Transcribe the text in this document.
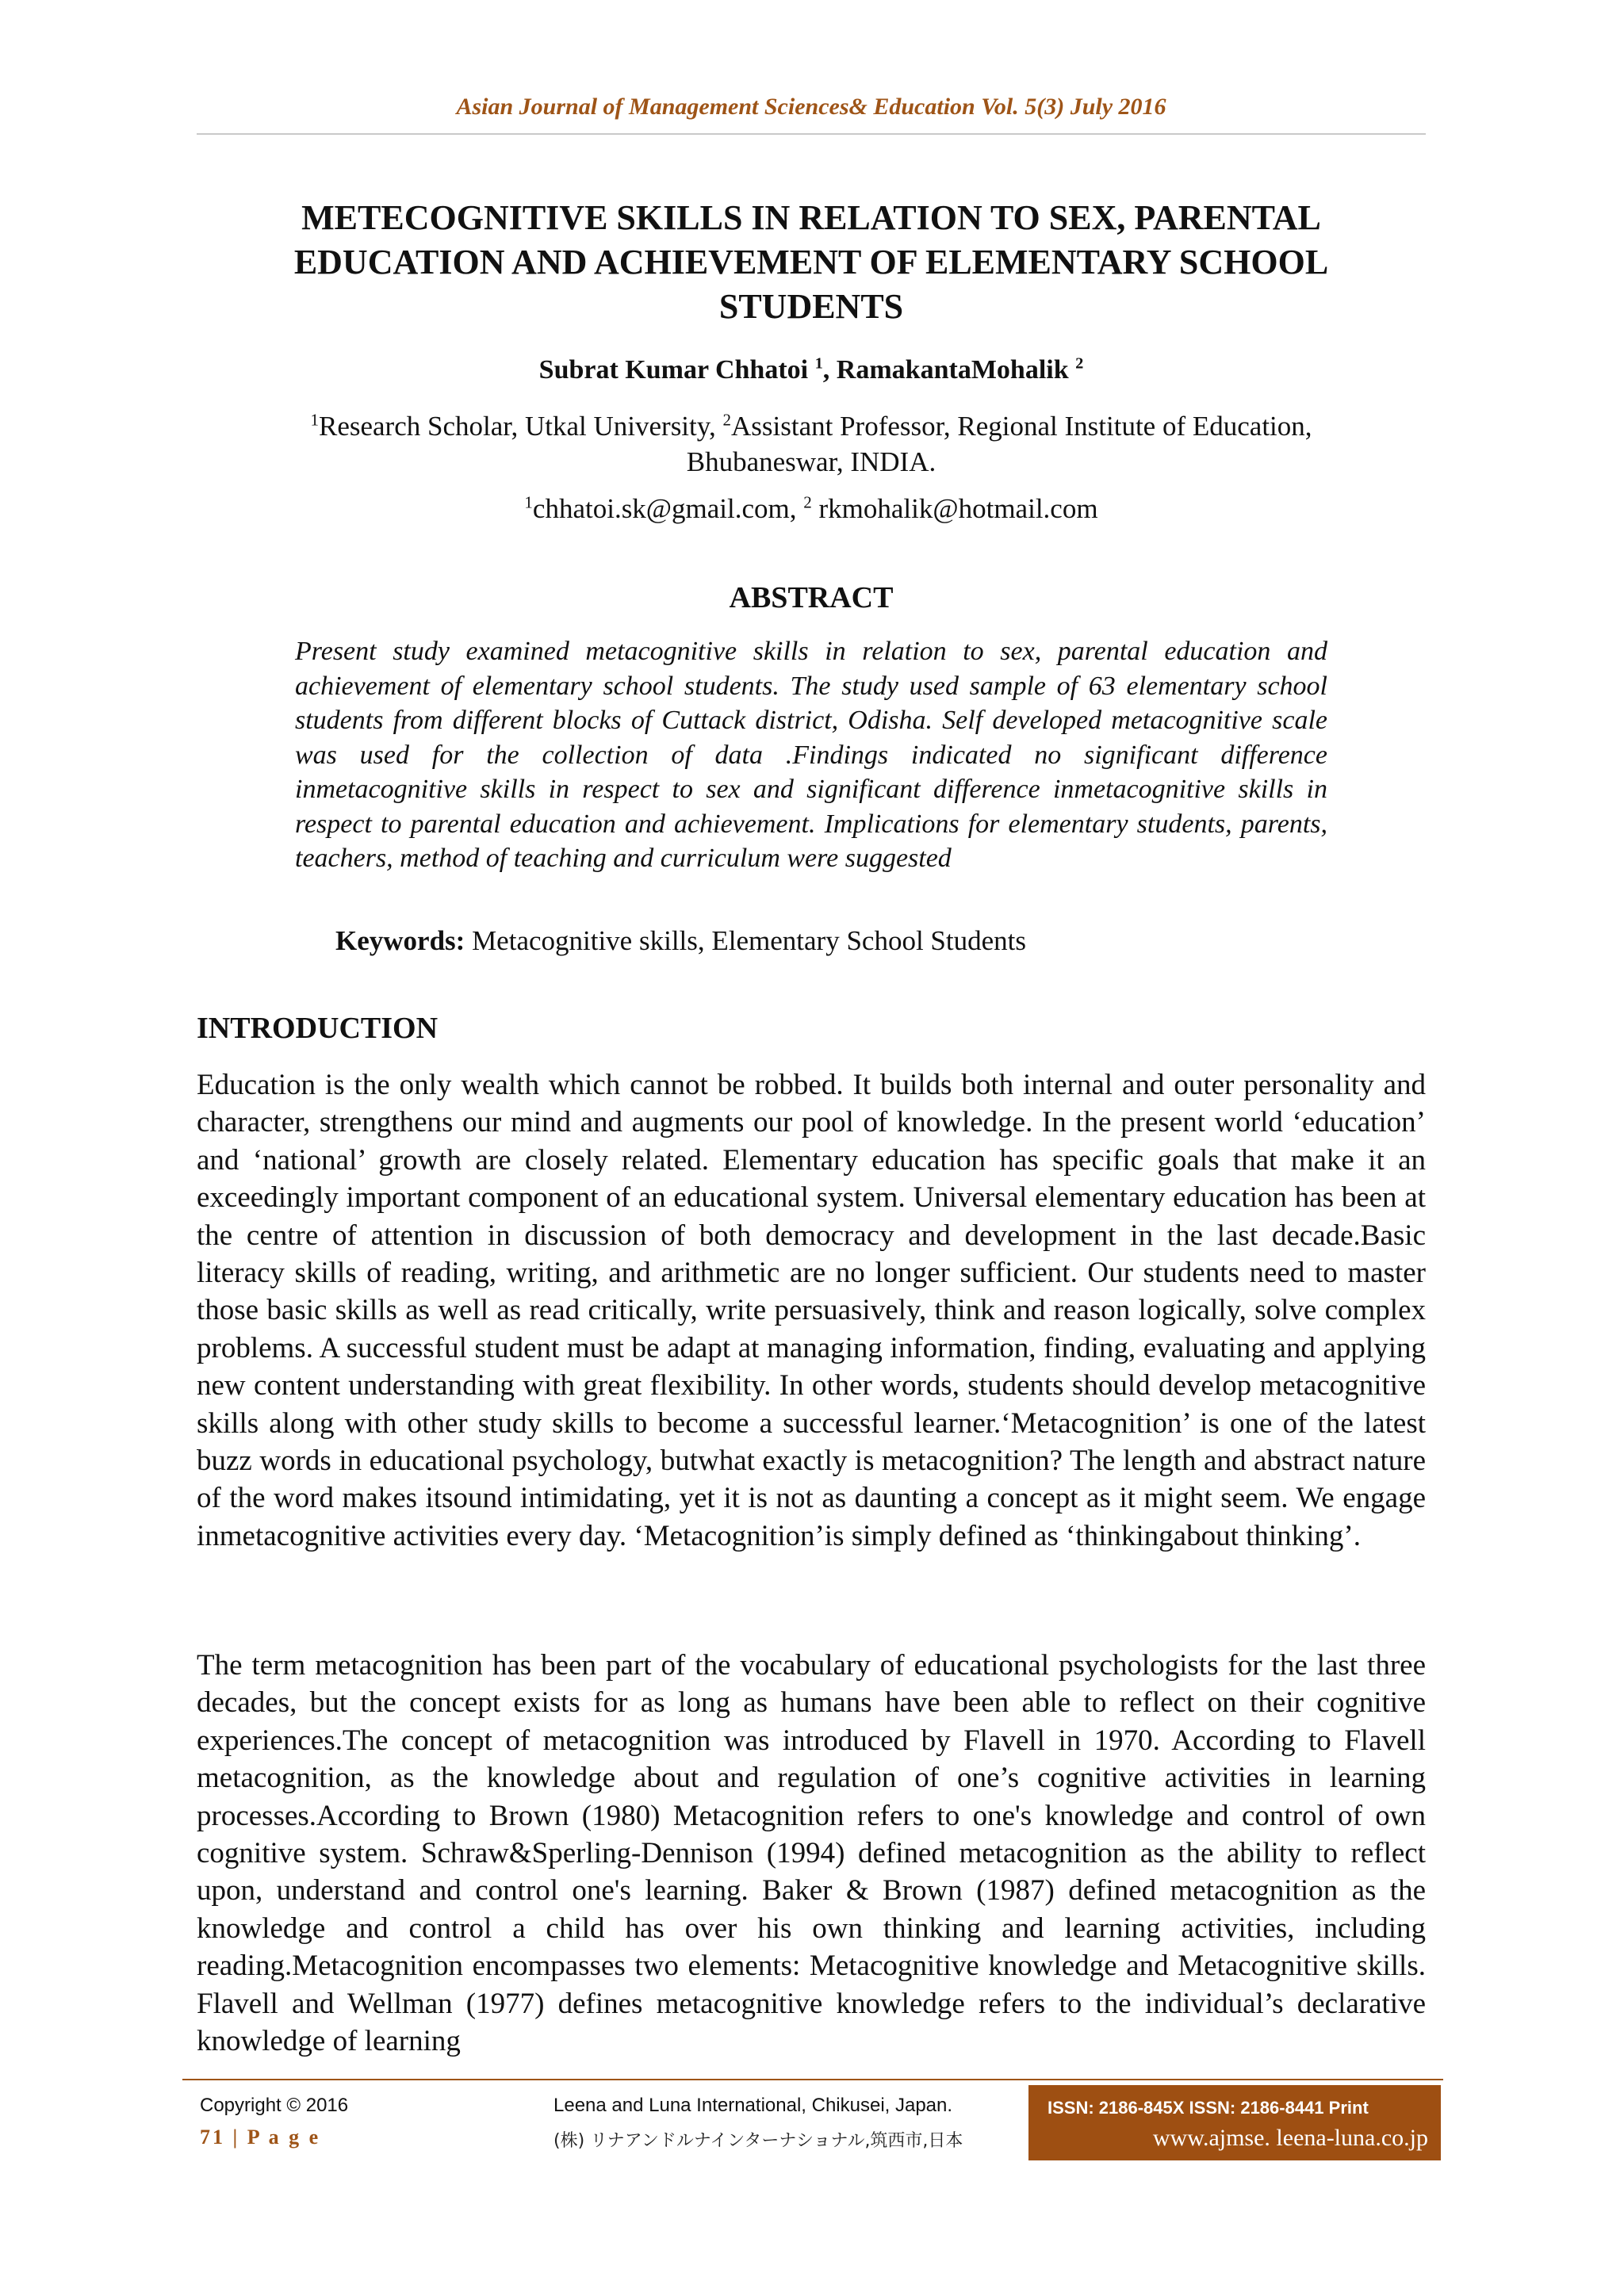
Asian Journal of Management Sciences& Education Vol. 5(3) July 2016
METECOGNITIVE SKILLS IN RELATION TO SEX, PARENTAL
EDUCATION AND ACHIEVEMENT OF ELEMENTARY SCHOOL
STUDENTS
Subrat Kumar Chhatoi $^1$, RamakantaMohalik $^2$
$^1$Research Scholar, Utkal University, $^2$Assistant Professor, Regional Institute of Education, Bhubaneswar, INDIA.
$^1$chhatoi.sk@gmail.com, $^2$ rkmohalik@hotmail.com
ABSTRACT

Present study examined metacognitive skills in relation to sex, parental education and achievement of elementary school students. The study used sample of 63 elementary school students from different blocks of Cuttack district, Odisha. Self developed metacognitive scale was used for the collection of data .Findings indicated no significant difference inmetacognitive skills in respect to sex and significant difference inmetacognitive skills in respect to parental education and achievement. Implications for elementary students, parents, teachers, method of teaching and curriculum were suggested

Keywords: Metacognitive skills, Elementary School Students
INTRODUCTION

Education is the only wealth which cannot be robbed. It builds both internal and outer personality and character, strengthens our mind and augments our pool of knowledge. In the present world ‘education’ and ‘national’ growth are closely related. Elementary education has specific goals that make it an exceedingly important component of an educational system. Universal elementary education has been at the centre of attention in discussion of both democracy and development in the last decade.Basic literacy skills of reading, writing, and arithmetic are no longer sufficient. Our students need to master those basic skills as well as read critically, write persuasively, think and reason logically, solve complex problems. A successful student must be adapt at managing information, finding, evaluating and applying new content understanding with great flexibility. In other words, students should develop metacognitive skills along with other study skills to become a successful learner.‘Metacognition’ is one of the latest buzz words in educational psychology, butwhat exactly is metacognition? The length and abstract nature of the word makes itsound intimidating, yet it is not as daunting a concept as it might seem. We engage inmetacognitive activities every day. ‘Metacognition’is simply defined as ‘thinkingabout thinking’.

The term metacognition has been part of the vocabulary of educational psychologists for the last three decades, but the concept exists for as long as humans have been able to reflect on their cognitive experiences.The concept of metacognition was introduced by Flavell in 1970. According to Flavell metacognition, as the knowledge about and regulation of one’s cognitive activities in learning processes.According to Brown (1980) Metacognition refers to one's knowledge and control of own cognitive system. Schraw&Sperling-Dennison (1994) defined metacognition as the ability to reflect upon, understand and control one's learning. Baker & Brown (1987) defined metacognition as the knowledge and control a child has over his own thinking and learning activities, including reading.Metacognition encompasses two elements: Metacognitive knowledge and Metacognitive skills. Flavell and Wellman (1977) defines metacognitive knowledge refers to the individual’s declarative knowledge of learning

Copyright © 2016
71 | P a g e
Leena and Luna International, Chikusei, Japan.
(株) リナアンドルナインターナショナル,筑西市,日本
ISSN: 2186-845X ISSN: 2186-8441 Print
www.ajmse. leena-luna.co.jp
